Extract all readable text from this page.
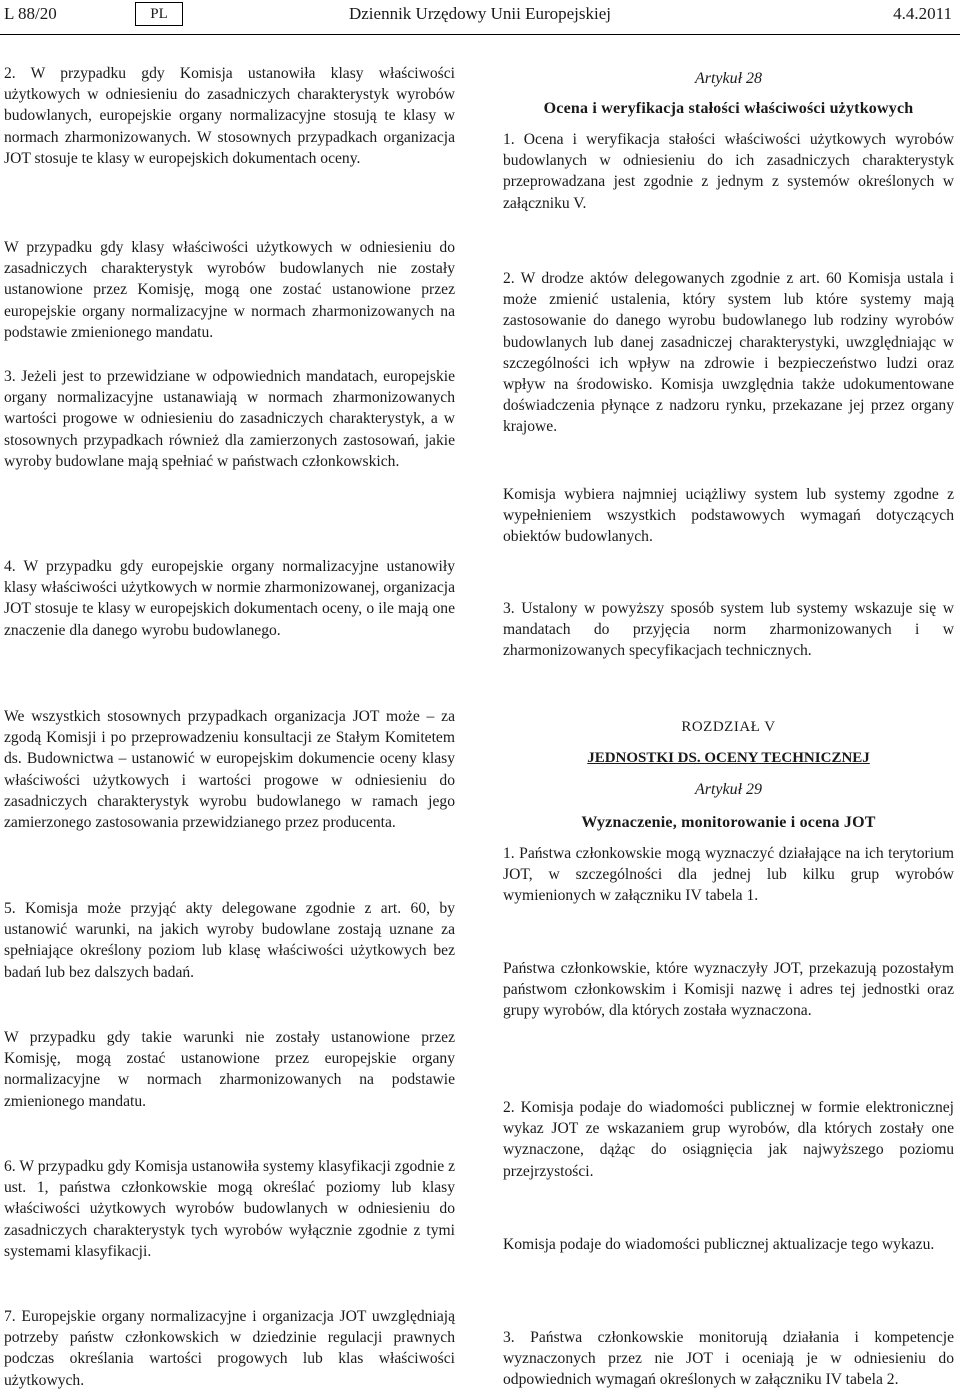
L 88/20	PL	Dziennik Urzędowy Unii Europejskiej	4.4.2011

2. W przypadku gdy Komisja ustanowiła klasy właściwości użytkowych w odniesieniu do zasadniczych charakterystyk wyrobów budowlanych, europejskie organy normalizacyjne stosują te klasy w normach zharmonizowanych. W stosownych przypadkach organizacja JOT stosuje te klasy w europejskich dokumentach oceny.

W przypadku gdy klasy właściwości użytkowych w odniesieniu do zasadniczych charakterystyk wyrobów budowlanych nie zostały ustanowione przez Komisję, mogą one zostać ustanowione przez europejskie organy normalizacyjne w normach zharmonizowanych na podstawie zmienionego mandatu.

3. Jeżeli jest to przewidziane w odpowiednich mandatach, europejskie organy normalizacyjne ustanawiają w normach zharmonizowanych wartości progowe w odniesieniu do zasadniczych charakterystyk, a w stosownych przypadkach również dla zamierzonych zastosowań, jakie wyroby budowlane mają spełniać w państwach członkowskich.

4. W przypadku gdy europejskie organy normalizacyjne ustanowiły klasy właściwości użytkowych w normie zharmonizowanej, organizacja JOT stosuje te klasy w europejskich dokumentach oceny, o ile mają one znaczenie dla danego wyrobu budowlanego.

We wszystkich stosownych przypadkach organizacja JOT może – za zgodą Komisji i po przeprowadzeniu konsultacji ze Stałym Komitetem ds. Budownictwa – ustanowić w europejskim dokumencie oceny klasy właściwości użytkowych i wartości progowe w odniesieniu do zasadniczych charakterystyk wyrobu budowlanego w ramach jego zamierzonego zastosowania przewidzianego przez producenta.

5. Komisja może przyjąć akty delegowane zgodnie z art. 60, by ustanowić warunki, na jakich wyroby budowlane zostają uznane za spełniające określony poziom lub klasę właściwości użytkowych bez badań lub bez dalszych badań.

W przypadku gdy takie warunki nie zostały ustanowione przez Komisję, mogą zostać ustanowione przez europejskie organy normalizacyjne w normach zharmonizowanych na podstawie zmienionego mandatu.

6. W przypadku gdy Komisja ustanowiła systemy klasyfikacji zgodnie z ust. 1, państwa członkowskie mogą określać poziomy lub klasy właściwości użytkowych wyrobów budowlanych w odniesieniu do zasadniczych charakterystyk tych wyrobów wyłącznie zgodnie z tymi systemami klasyfikacji.

7. Europejskie organy normalizacyjne i organizacja JOT uwzględniają potrzeby państw członkowskich w dziedzinie regulacji prawnych podczas określania wartości progowych lub klas właściwości użytkowych.

Artykuł 28

Ocena i weryfikacja stałości właściwości użytkowych

1. Ocena i weryfikacja stałości właściwości użytkowych wyrobów budowlanych w odniesieniu do ich zasadniczych charakterystyk przeprowadzana jest zgodnie z jednym z systemów określonych w załączniku V.

2. W drodze aktów delegowanych zgodnie z art. 60 Komisja ustala i może zmienić ustalenia, który system lub które systemy mają zastosowanie do danego wyrobu budowlanego lub rodziny wyrobów budowlanych lub danej zasadniczej charakterystyki, uwzględniając w szczególności ich wpływ na zdrowie i bezpieczeństwo ludzi oraz wpływ na środowisko. Komisja uwzględnia także udokumentowane doświadczenia płynące z nadzoru rynku, przekazane jej przez organy krajowe.

Komisja wybiera najmniej uciążliwy system lub systemy zgodne z wypełnieniem wszystkich podstawowych wymagań dotyczących obiektów budowlanych.

3. Ustalony w powyższy sposób system lub systemy wskazuje się w mandatach do przyjęcia norm zharmonizowanych i w zharmonizowanych specyfikacjach technicznych.

ROZDZIAŁ V

JEDNOSTKI DS. OCENY TECHNICZNEJ

Artykuł 29

Wyznaczenie, monitorowanie i ocena JOT

1. Państwa członkowskie mogą wyznaczyć działające na ich terytorium JOT, w szczególności dla jednej lub kilku grup wyrobów wymienionych w załączniku IV tabela 1.

Państwa członkowskie, które wyznaczyły JOT, przekazują pozostałym państwom członkowskim i Komisji nazwę i adres tej jednostki oraz grupy wyrobów, dla których została wyznaczona.

2. Komisja podaje do wiadomości publicznej w formie elektronicznej wykaz JOT ze wskazaniem grup wyrobów, dla których zostały one wyznaczone, dążąc do osiągnięcia jak najwyższego poziomu przejrzystości.

Komisja podaje do wiadomości publicznej aktualizacje tego wykazu.

3. Państwa członkowskie monitorują działania i kompetencje wyznaczonych przez nie JOT i oceniają je w odniesieniu do odpowiednich wymagań określonych w załączniku IV tabela 2.
